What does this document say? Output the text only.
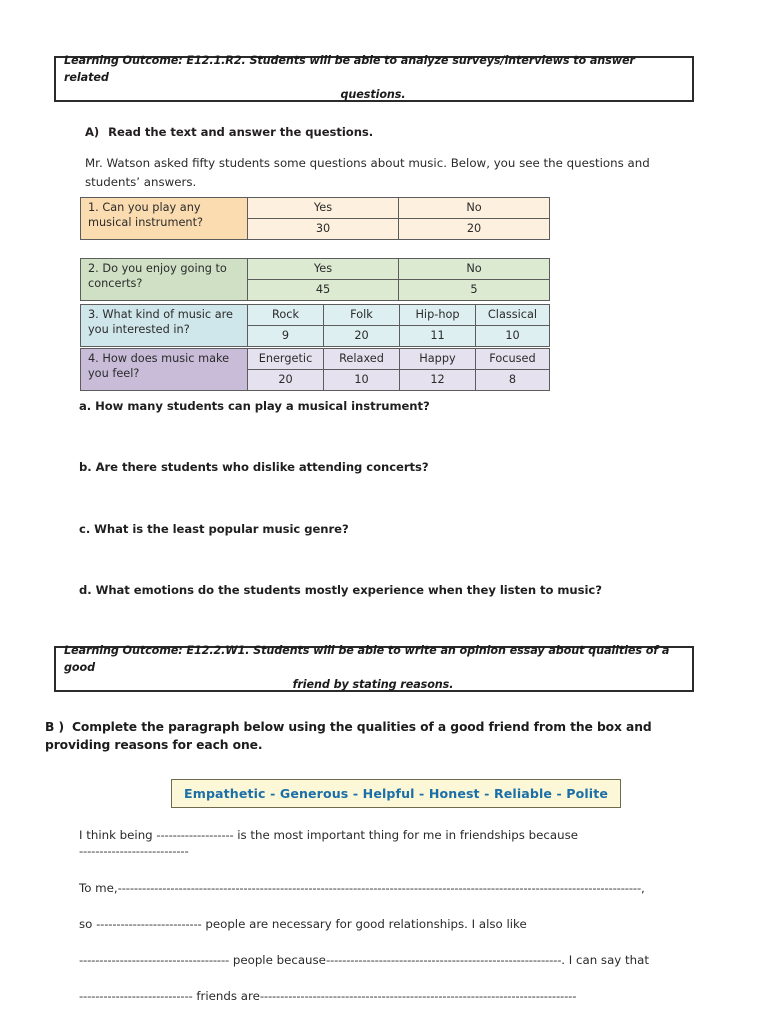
Learning Outcome: E12.1.R2. Students will be able to analyze surveys/interviews to answer related
questions.
A) Read the text and answer the questions.
Mr. Watson asked fifty students some questions about music. Below, you see the questions and students’ answers.
1. Can you play any musical instrument?	Yes	No
	30	20
2. Do you enjoy going to concerts?	Yes	No
	45	5
3. What kind of music are you interested in?	Rock	Folk	Hip-hop	Classical
	9	20	11	10
4. How does music make you feel?	Energetic	Relaxed	Happy	Focused
	20	10	12	8
a. How many students can play a musical instrument?
b. Are there students who dislike attending concerts?
c. What is the least popular music genre?
d. What emotions do the students mostly experience when they listen to music?
Learning Outcome: E12.2.W1. Students will be able to write an opinion essay about qualities of a good
friend by stating reasons.
B ) Complete the paragraph below using the qualities of a good friend from the box and providing reasons for each one.
Empathetic - Generous - Helpful - Honest - Reliable - Polite
I think being ------------------- is the most important thing for me in friendships because
---------------------------
To me,---------------------------------------------------------------------------------------------------------------------------------,
so -------------------------- people are necessary for good relationships. I also like
------------------------------------- people because----------------------------------------------------------. I can say that
---------------------------- friends are------------------------------------------------------------------------------
